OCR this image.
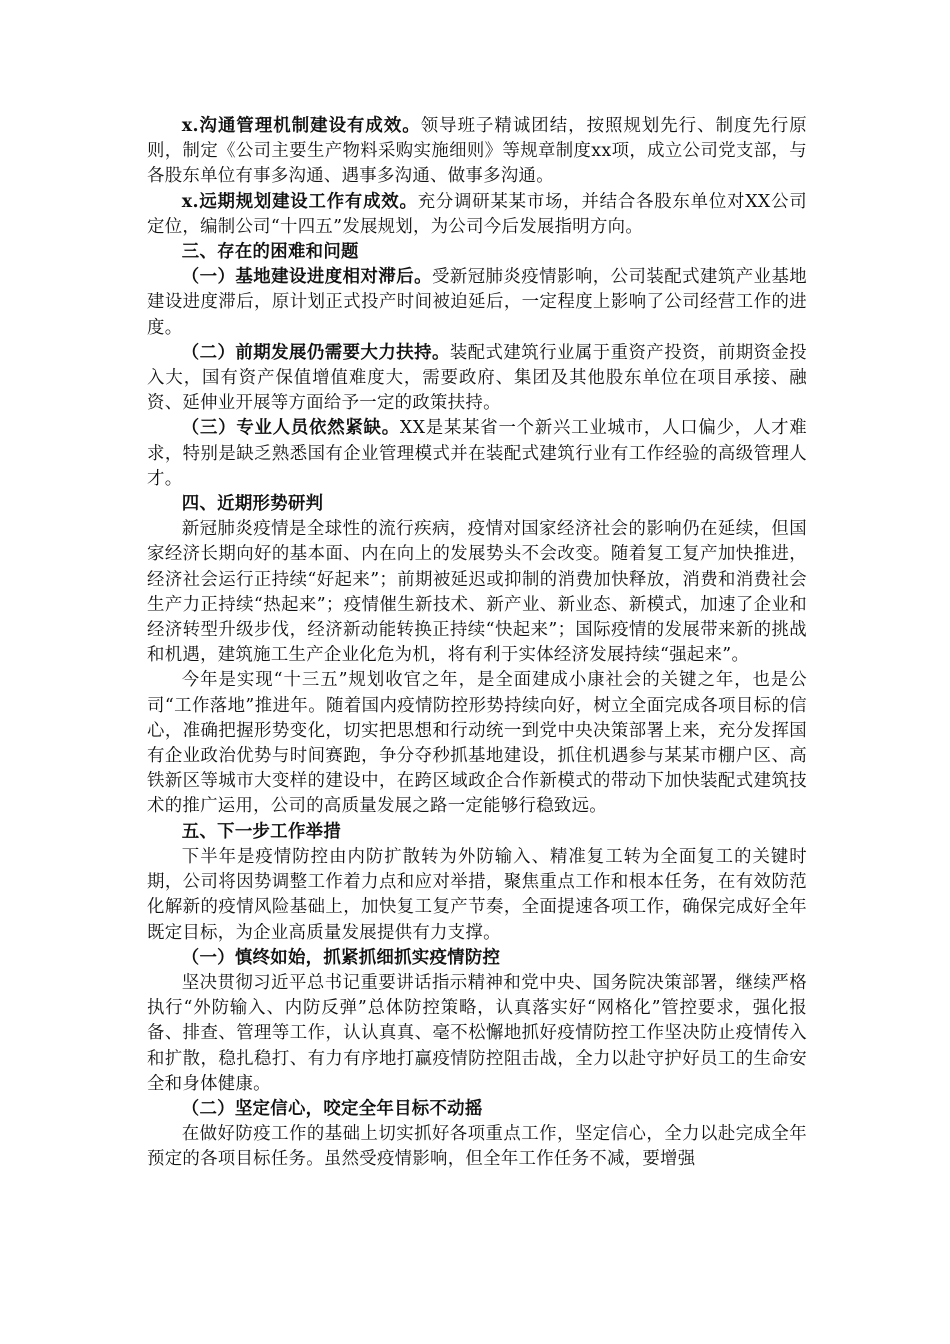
x.沟通管理机制建设有成效。领导班子精诚团结，按照规划先行、制度先行原则，制定《公司主要生产物料采购实施细则》等规章制度xx项，成立公司党支部，与各股东单位有事多沟通、遇事多沟通、做事多沟通。

x.远期规划建设工作有成效。充分调研某某市场，并结合各股东单位对XX公司定位，编制公司“十四五”发展规划，为公司今后发展指明方向。

三、存在的困难和问题

（一）基地建设进度相对滞后。受新冠肺炎疫情影响，公司装配式建筑产业基地建设进度滞后，原计划正式投产时间被迫延后，一定程度上影响了公司经营工作的进度。

（二）前期发展仍需要大力扶持。装配式建筑行业属于重资产投资，前期资金投入大，国有资产保值增值难度大，需要政府、集团及其他股东单位在项目承接、融资、延伸业开展等方面给予一定的政策扶持。

（三）专业人员依然紧缺。XX是某某省一个新兴工业城市，人口偏少，人才难求，特别是缺乏熟悉国有企业管理模式并在装配式建筑行业有工作经验的高级管理人才。

四、近期形势研判

新冠肺炎疫情是全球性的流行疾病，疫情对国家经济社会的影响仍在延续，但国家经济长期向好的基本面、内在向上的发展势头不会改变。随着复工复产加快推进，经济社会运行正持续“好起来”；前期被延迟或抑制的消费加快释放，消费和消费社会生产力正持续“热起来”；疫情催生新技术、新产业、新业态、新模式，加速了企业和经济转型升级步伐，经济新动能转换正持续“快起来”；国际疫情的发展带来新的挑战和机遇，建筑施工生产企业化危为机，将有利于实体经济发展持续“强起来”。

今年是实现“十三五”规划收官之年，是全面建成小康社会的关键之年，也是公司“工作落地”推进年。随着国内疫情防控形势持续向好，树立全面完成各项目标的信心，准确把握形势变化，切实把思想和行动统一到党中央决策部署上来，充分发挥国有企业政治优势与时间赛跑，争分夺秒抓基地建设，抓住机遇参与某某市棚户区、高铁新区等城市大变样的建设中，在跨区域政企合作新模式的带动下加快装配式建筑技术的推广运用，公司的高质量发展之路一定能够行稳致远。

五、下一步工作举措

下半年是疫情防控由内防扩散转为外防输入、精准复工转为全面复工的关键时期，公司将因势调整工作着力点和应对举措，聚焦重点工作和根本任务，在有效防范化解新的疫情风险基础上，加快复工复产节奏，全面提速各项工作，确保完成好全年既定目标，为企业高质量发展提供有力支撑。

（一）慎终如始，抓紧抓细抓实疫情防控

坚决贯彻习近平总书记重要讲话指示精神和党中央、国务院决策部署，继续严格执行“外防输入、内防反弹”总体防控策略，认真落实好“网格化”管控要求，强化报备、排查、管理等工作，认认真真、毫不松懈地抓好疫情防控工作坚决防止疫情传入和扩散，稳扎稳打、有力有序地打赢疫情防控阻击战，全力以赴守护好员工的生命安全和身体健康。

（二）坚定信心，咬定全年目标不动摇

在做好防疫工作的基础上切实抓好各项重点工作，坚定信心，全力以赴完成全年预定的各项目标任务。虽然受疫情影响，但全年工作任务不减，要增强
